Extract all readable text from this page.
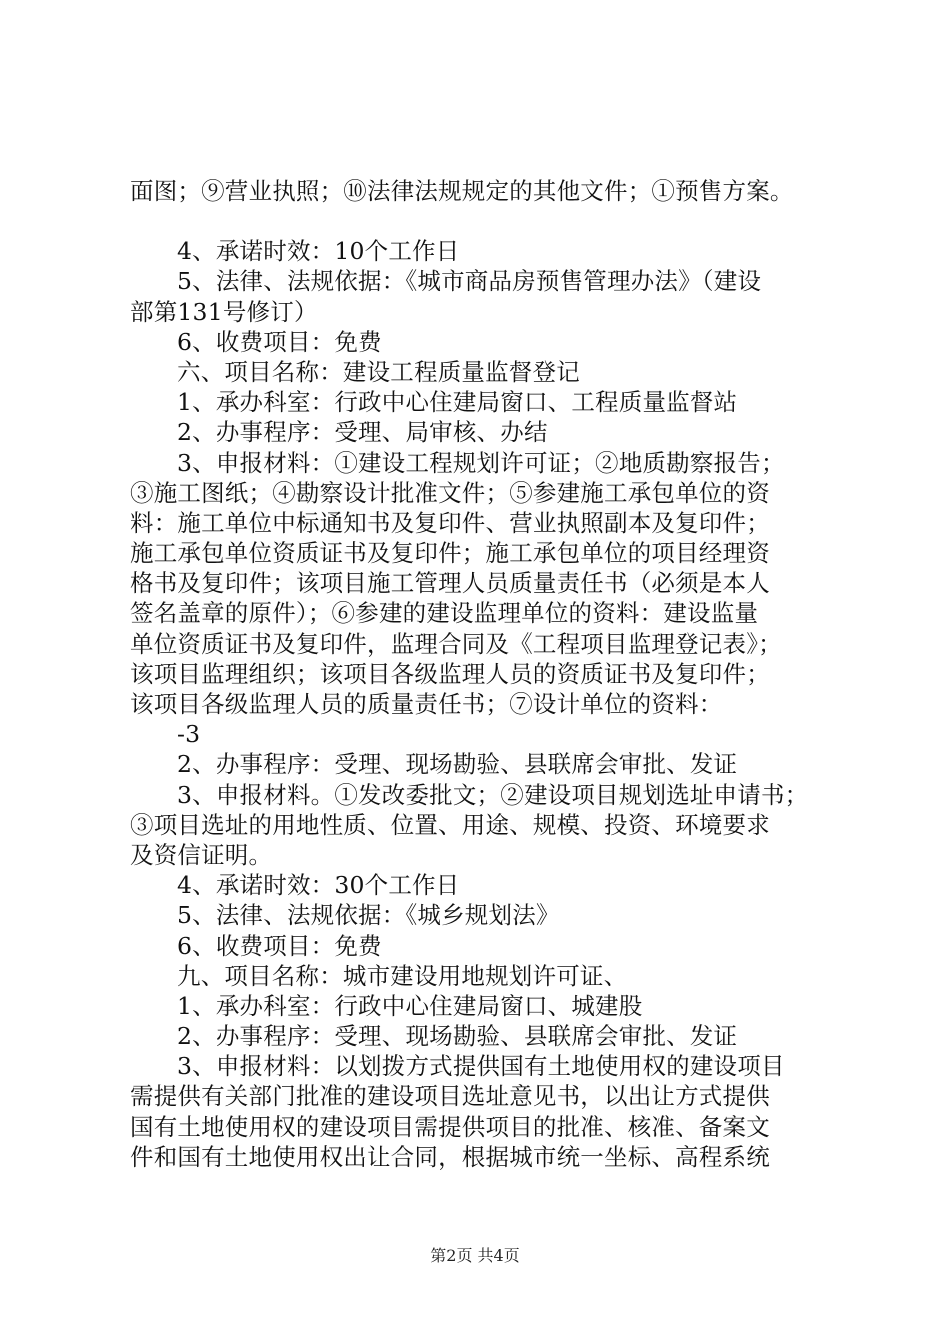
面图；⑨营业执照；⑩法律法规规定的其他文件；①预售方案。
4、承诺时效：10个工作日
5、法律、法规依据：《城市商品房预售管理办法》（建设
部第131号修订）
6、收费项目：免费
六、项目名称：建设工程质量监督登记
1、承办科室：行政中心住建局窗口、工程质量监督站
2、办事程序：受理、局审核、办结
3、申报材料：①建设工程规划许可证；②地质勘察报告；
③施工图纸；④勘察设计批准文件；⑤参建施工承包单位的资
料：施工单位中标通知书及复印件、营业执照副本及复印件；
施工承包单位资质证书及复印件；施工承包单位的项目经理资
格书及复印件；该项目施工管理人员质量责任书（必须是本人
签名盖章的原件）；⑥参建的建设监理单位的资料：建设监量
单位资质证书及复印件，监理合同及《工程项目监理登记表》；
该项目监理组织；该项目各级监理人员的资质证书及复印件；
该项目各级监理人员的质量责任书；⑦设计单位的资料：
-3
2、办事程序：受理、现场勘验、县联席会审批、发证
3、申报材料。①发改委批文；②建设项目规划选址申请书；
③项目选址的用地性质、位置、用途、规模、投资、环境要求
及资信证明。
4、承诺时效：30个工作日
5、法律、法规依据：《城乡规划法》
6、收费项目：免费
九、项目名称：城市建设用地规划许可证、
1、承办科室：行政中心住建局窗口、城建股
2、办事程序：受理、现场勘验、县联席会审批、发证
3、申报材料：以划拨方式提供国有土地使用权的建设项目
需提供有关部门批准的建设项目选址意见书，以出让方式提供
国有土地使用权的建设项目需提供项目的批准、核准、备案文
件和国有土地使用权出让合同，根据城市统一坐标、高程系统
第2页 共4页
